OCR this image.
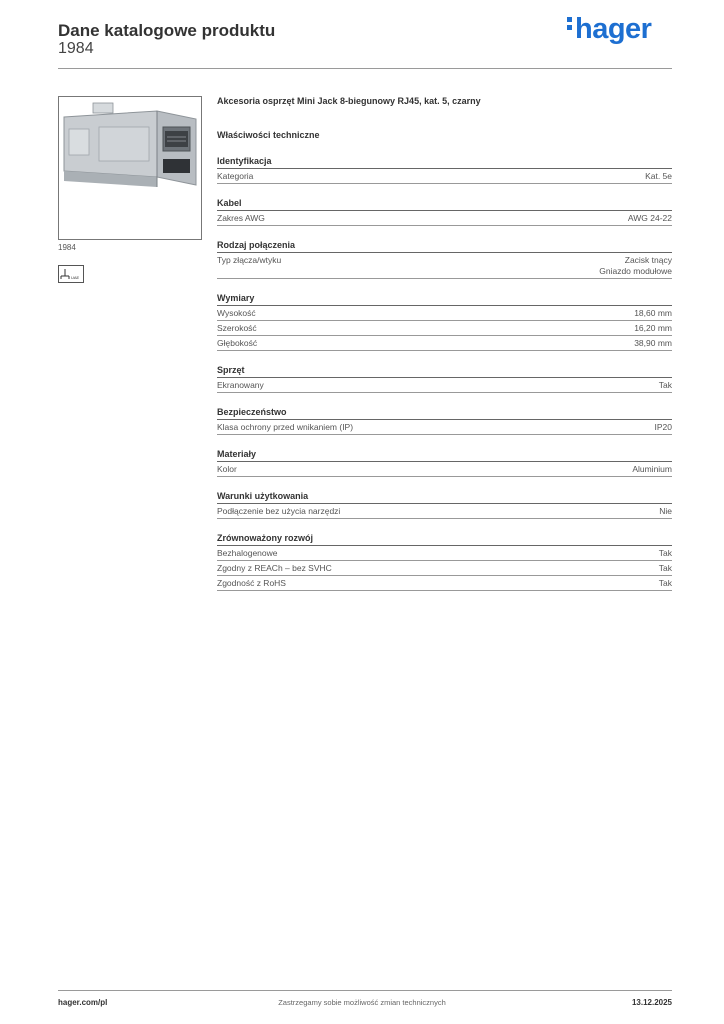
Dane katalogowe produktu
1984
hager
1984
UAE
Akcesoria osprzęt Mini Jack 8-biegunowy RJ45, kat. 5, czarny
Właściwości techniczne
Identyfikacja
Kategoria	Kat. 5e
Kabel
Zakres AWG	AWG 24-22
Rodzaj połączenia
Typ złącza/wtyku	Zacisk tnący
Gniazdo modułowe
Wymiary
Wysokość	18,60 mm
Szerokość	16,20 mm
Głębokość	38,90 mm
Sprzęt
Ekranowany	Tak
Bezpieczeństwo
Klasa ochrony przed wnikaniem (IP)	IP20
Materiały
Kolor	Aluminium
Warunki użytkowania
Podłączenie bez użycia narzędzi	Nie
Zrównoważony rozwój
Bezhalogenowe	Tak
Zgodny z REACh – bez SVHC	Tak
Zgodność z RoHS	Tak
hager.com/pl	Zastrzegamy sobie możliwość zmian technicznych	13.12.2025
